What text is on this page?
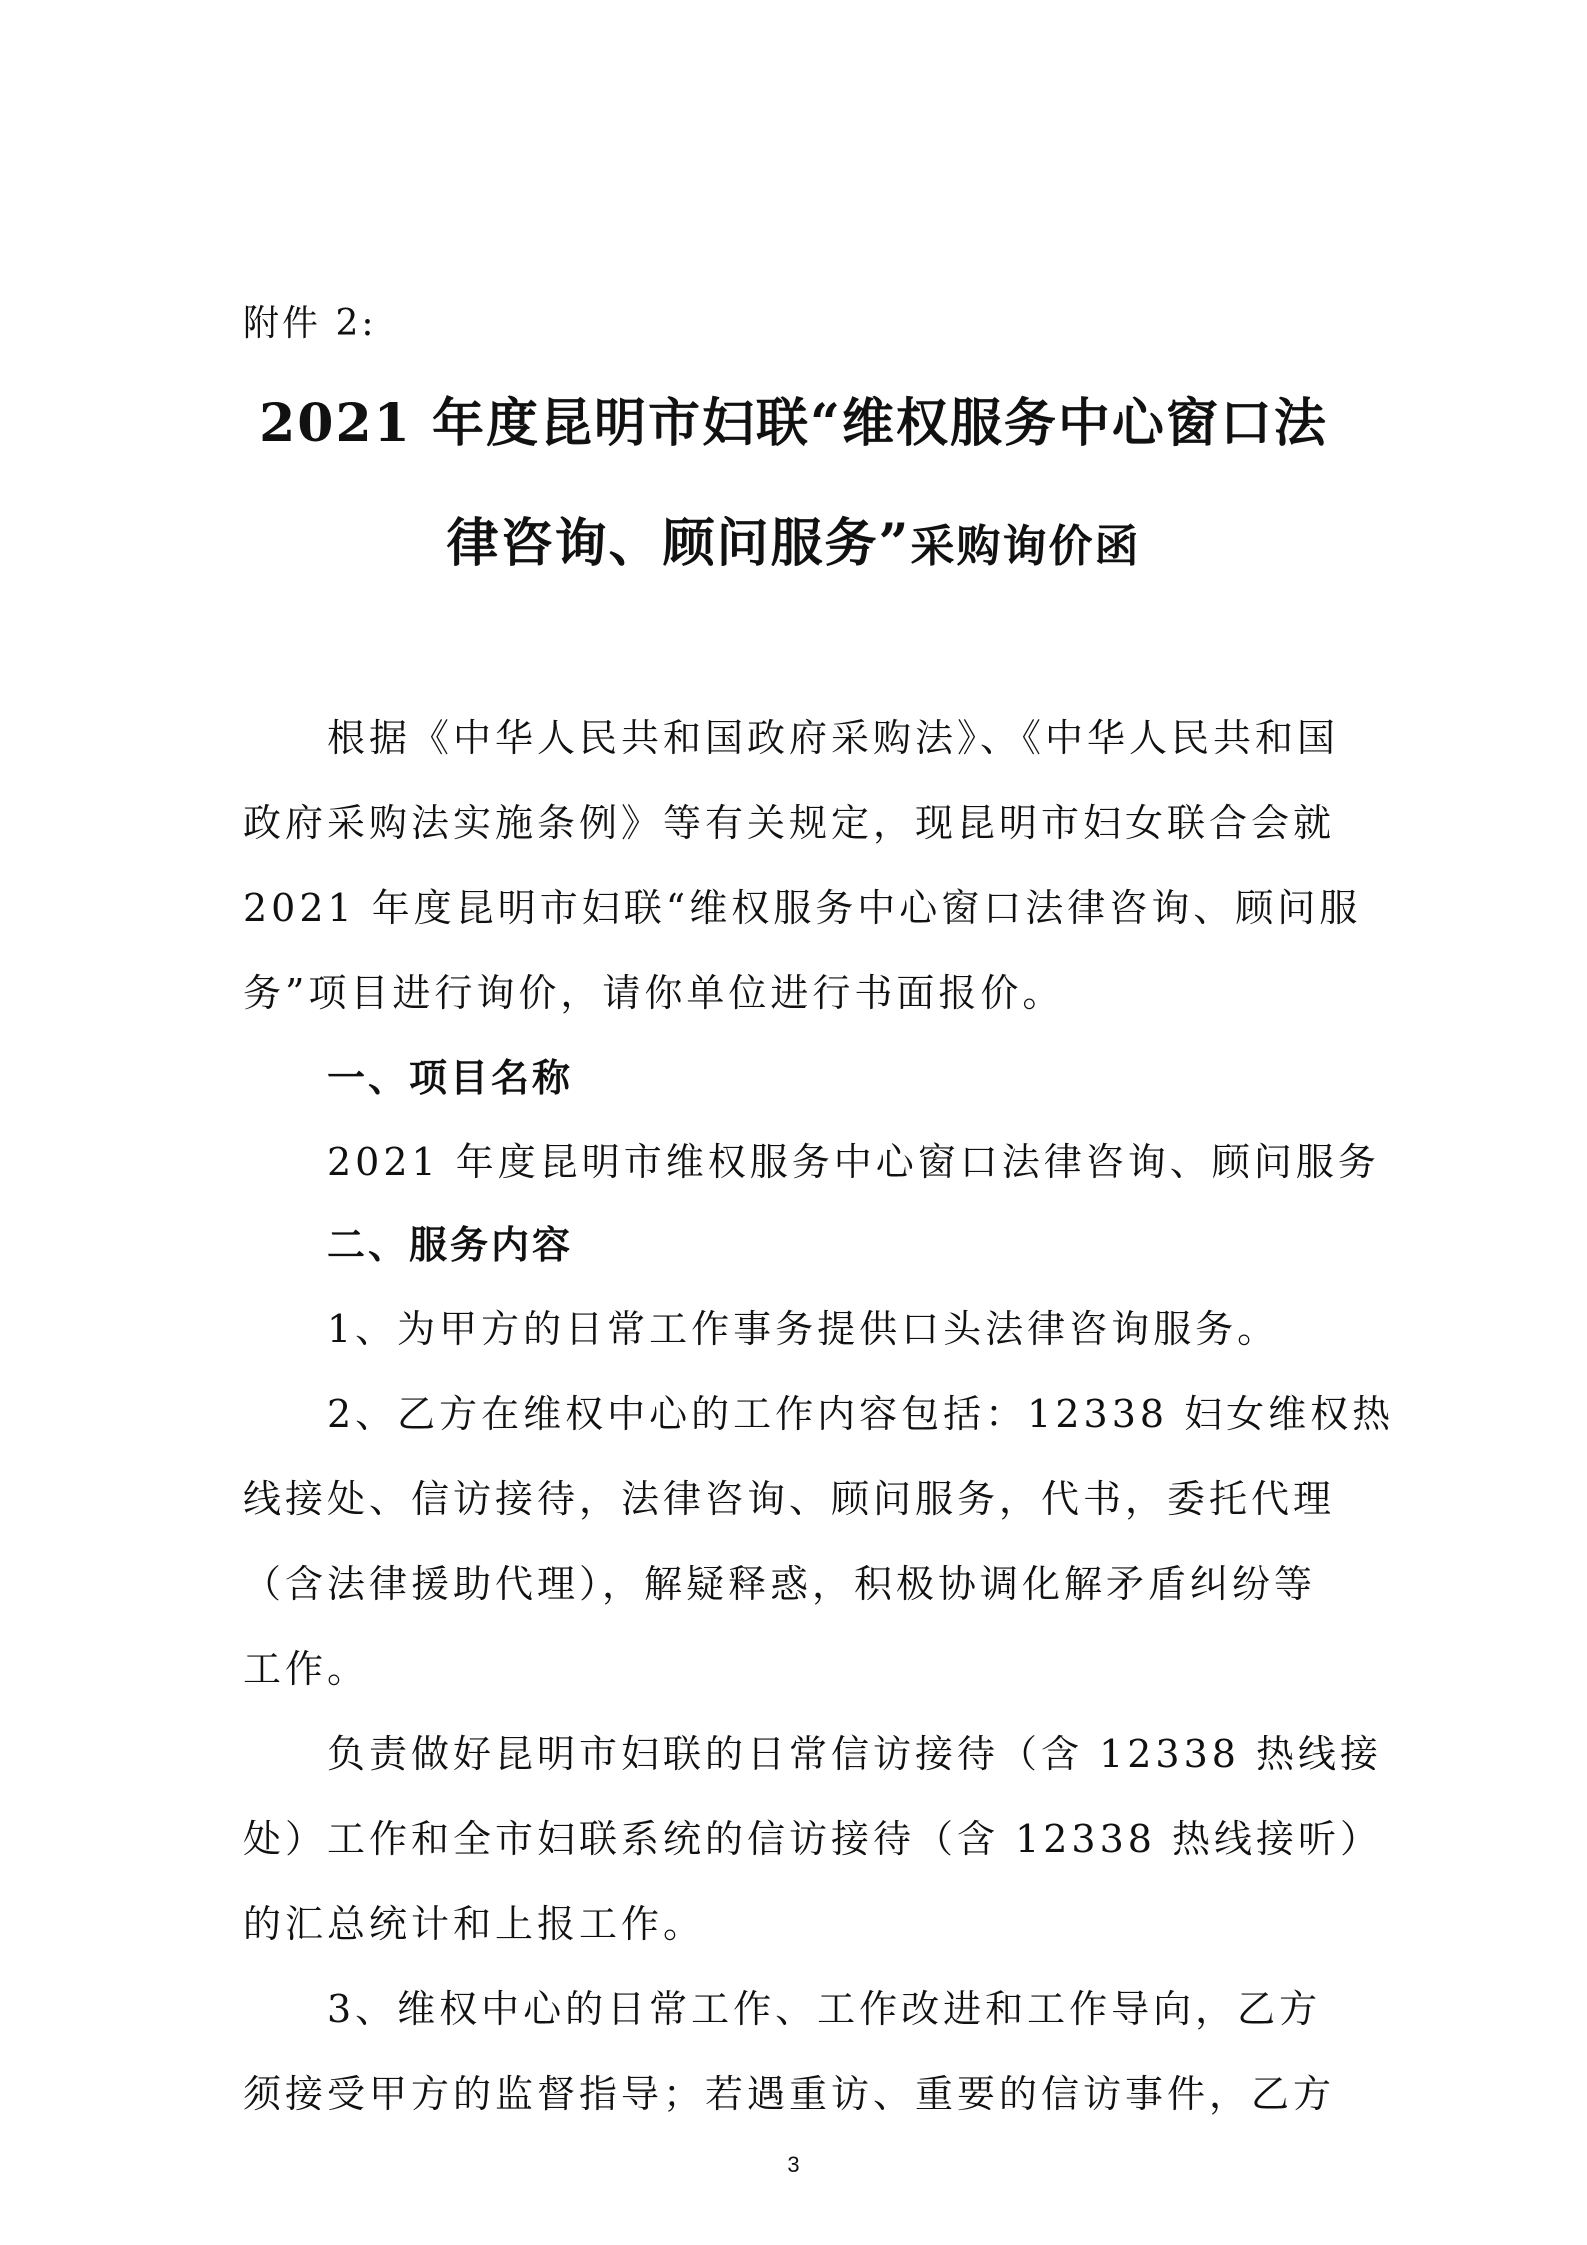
附件 2:
2021 年度昆明市妇联“维权服务中心窗口法
律咨询、顾问服务”采购询价函
根据《中华人民共和国政府采购法》、《中华人民共和国
政府采购法实施条例》等有关规定，现昆明市妇女联合会就
2021 年度昆明市妇联“维权服务中心窗口法律咨询、顾问服
务”项目进行询价，请你单位进行书面报价。
一、项目名称
2021 年度昆明市维权服务中心窗口法律咨询、顾问服务
二、服务内容
1、为甲方的日常工作事务提供口头法律咨询服务。
2、乙方在维权中心的工作内容包括：12338 妇女维权热
线接处、信访接待，法律咨询、顾问服务，代书，委托代理
（含法律援助代理），解疑释惑，积极协调化解矛盾纠纷等
工作。
负责做好昆明市妇联的日常信访接待（含 12338 热线接
处）工作和全市妇联系统的信访接待（含 12338 热线接听）
的汇总统计和上报工作。
3、维权中心的日常工作、工作改进和工作导向，乙方
须接受甲方的监督指导；若遇重访、重要的信访事件，乙方
3
